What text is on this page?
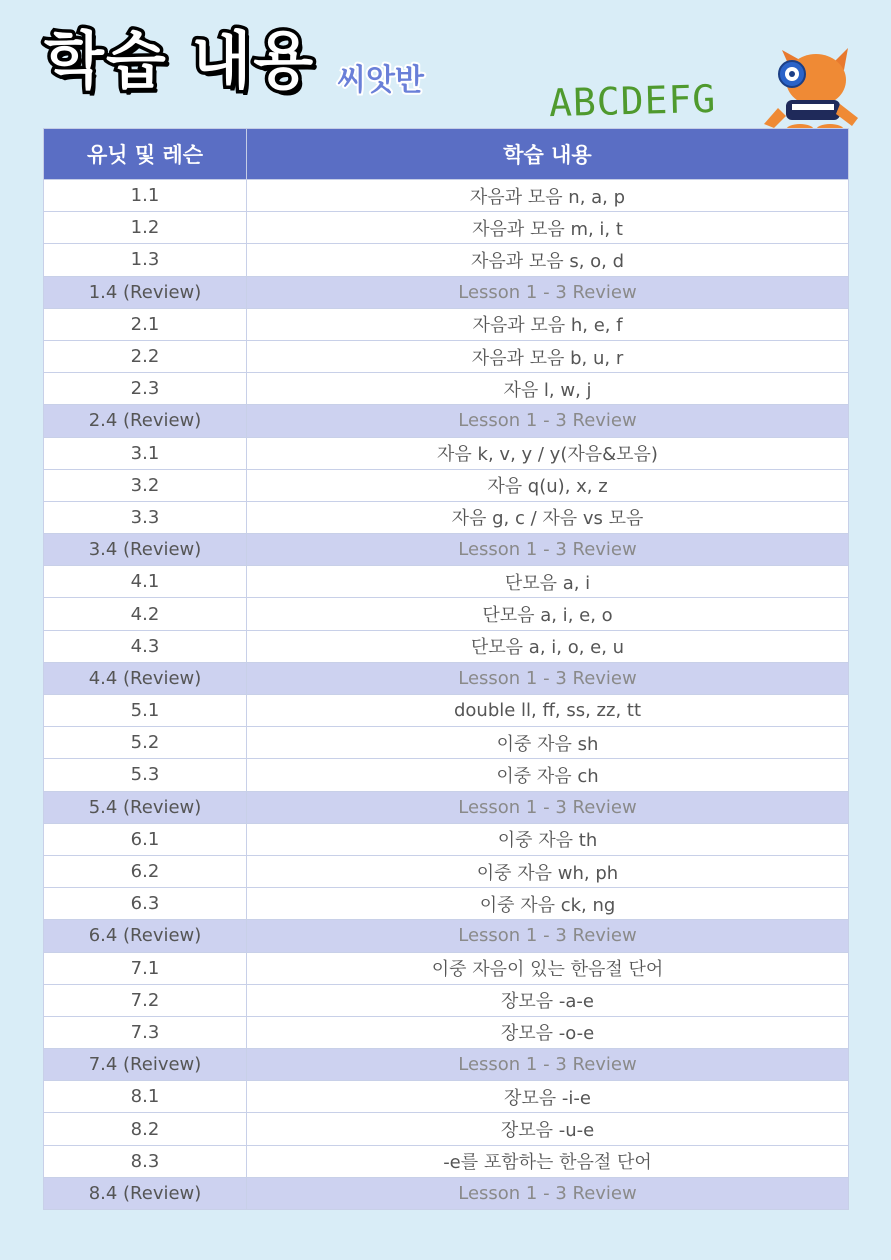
학습 내용 씨앗반	ABCDEFG
유닛 및 레슨	학습 내용
1.1	자음과 모음 n, a, p
1.2	자음과 모음 m, i, t
1.3	자음과 모음 s, o, d
1.4 (Review)	Lesson 1 - 3 Review
2.1	자음과 모음 h, e, f
2.2	자음과 모음 b, u, r
2.3	자음 l, w, j
2.4 (Review)	Lesson 1 - 3 Review
3.1	자음 k, v, y / y(자음&모음)
3.2	자음 q(u), x, z
3.3	자음 g, c / 자음 vs 모음
3.4 (Review)	Lesson 1 - 3 Review
4.1	단모음 a, i
4.2	단모음 a, i, e, o
4.3	단모음 a, i, o, e, u
4.4 (Review)	Lesson 1 - 3 Review
5.1	double ll, ff, ss, zz, tt
5.2	이중 자음 sh
5.3	이중 자음 ch
5.4 (Review)	Lesson 1 - 3 Review
6.1	이중 자음 th
6.2	이중 자음 wh, ph
6.3	이중 자음 ck, ng
6.4 (Review)	Lesson 1 - 3 Review
7.1	이중 자음이 있는 한음절 단어
7.2	장모음 -a-e
7.3	장모음 -o-e
7.4 (Reivew)	Lesson 1 - 3 Review
8.1	장모음 -i-e
8.2	장모음 -u-e
8.3	-e를 포함하는 한음절 단어
8.4 (Review)	Lesson 1 - 3 Review
